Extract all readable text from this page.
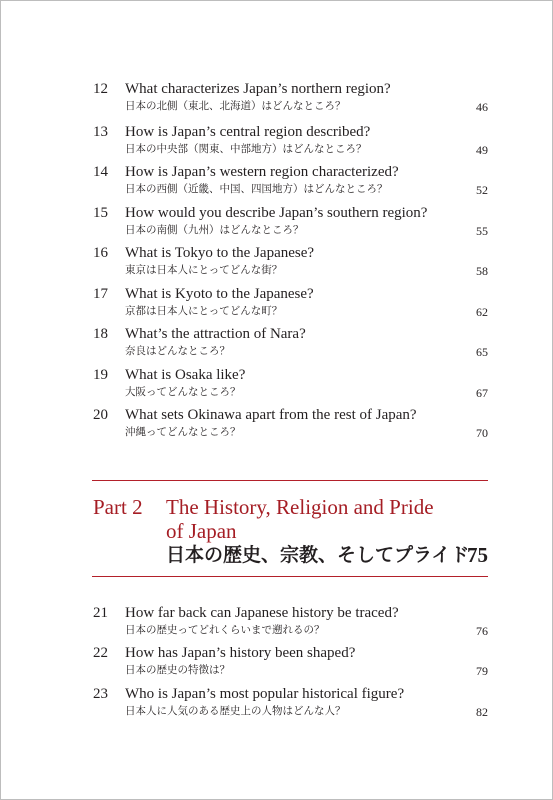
12 What characterizes Japan’s northern region?
日本の北側（東北、北海道）はどんなところ？	46
13 How is Japan’s central region described?
日本の中央部（関東、中部地方）はどんなところ？	49
14 How is Japan’s western region characterized?
日本の西側（近畿、中国、四国地方）はどんなところ？	52
15 How would you describe Japan’s southern region?
日本の南側（九州）はどんなところ？	55
16 What is Tokyo to the Japanese?
東京は日本人にとってどんな街？	58
17 What is Kyoto to the Japanese?
京都は日本人にとってどんな町？	62
18 What’s the attraction of Nara?
奈良はどんなところ？	65
19 What is Osaka like?
大阪ってどんなところ？	67
20 What sets Okinawa apart from the rest of Japan?
沖縄ってどんなところ？	70
Part 2 The History, Religion and Pride
of Japan
日本の歴史、宗教、そしてプライド
75
21 How far back can Japanese history be traced?
日本の歴史ってどれくらいまで遡れるの？	76
22 How has Japan’s history been shaped?
日本の歴史の特徴は？	79
23 Who is Japan’s most popular historical figure?
日本人に人気のある歴史上の人物はどんな人？	82
